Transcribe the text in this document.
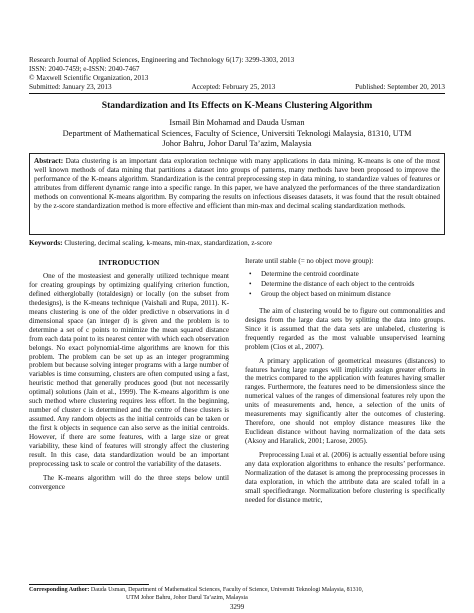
Research Journal of Applied Sciences, Engineering and Technology 6(17): 3299-3303, 2013
ISSN: 2040-7459; e-ISSN: 2040-7467
© Maxwell Scientific Organization, 2013
Submitted: January 23, 2013	Accepted: February 25, 2013	Published: September 20, 2013
Standardization and Its Effects on K-Means Clustering Algorithm
Ismail Bin Mohamad and Dauda Usman
Department of Mathematical Sciences, Faculty of Science, Universiti Teknologi Malaysia, 81310, UTM
Johor Bahru, Johor Darul Ta’azim, Malaysia
Abstract: Data clustering is an important data exploration technique with many applications in data mining. K-means is one of the most well known methods of data mining that partitions a dataset into groups of patterns, many methods have been proposed to improve the performance of the K-means algorithm. Standardization is the central preprocessing step in data mining, to standardize values of features or attributes from different dynamic range into a specific range. In this paper, we have analyzed the performances of the three standardization methods on conventional K-means algorithm. By comparing the results on infectious diseases datasets, it was found that the result obtained by the z-score standardization method is more effective and efficient than min-max and decimal scaling standardization methods.
Keywords: Clustering, decimal scaling, k-means, min-max, standardization, z-score
INTRODUCTION

One of the mosteasiest and generally utilized technique meant for creating groupings by optimizing qualifying criterion function, defined eitherglobally (totaldesign) or locally (on the subset from thedesigns), is the K-means technique (Vaishali and Rupa, 2011). K-means clustering is one of the older predictive n observations in d dimensional space (an integer d) is given and the problem is to determine a set of c points to minimize the mean squared distance from each data point to its nearest center with which each observation belongs. No exact polynomial-time algorithms are known for this problem. The problem can be set up as an integer programming problem but because solving integer programs with a large number of variables is time consuming, clusters are often computed using a fast, heuristic method that generally produces good (but not necessarily optimal) solutions (Jain et al., 1999). The K-means algorithm is one such method where clustering requires less effort. In the beginning, number of cluster c is determined and the centre of these clusters is assumed. Any random objects as the initial centroids can be taken or the first k objects in sequence can also serve as the initial centroids. However, if there are some features, with a large size or great variability, these kind of features will strongly affect the clustering result. In this case, data standardization would be an important preprocessing task to scale or control the variability of the datasets.

The K-means algorithm will do the three steps below until convergence

Iterate until stable (= no object move group):

• Determine the centroid coordinate
• Determine the distance of each object to the centroids
• Group the object based on minimum distance

The aim of clustering would be to figure out commonalities and designs from the large data sets by splitting the data into groups. Since it is assumed that the data sets are unlabeled, clustering is frequently regarded as the most valuable unsupervised learning problem (Cios et al., 2007).

A primary application of geometrical measures (distances) to features having large ranges will implicitly assign greater efforts in the metrics compared to the application with features having smaller ranges. Furthermore, the features need to be dimensionless since the numerical values of the ranges of dimensional features rely upon the units of measurements and, hence, a selection of the units of measurements may significantly alter the outcomes of clustering. Therefore, one should not employ distance measures like the Euclidean distance without having normalization of the data sets (Aksoy and Haralick, 2001; Larose, 2005).

Preprocessing Luai et al. (2006) is actually essential before using any data exploration algorithms to enhance the results’ performance. Normalization of the dataset is among the preprocessing processes in data exploration, in which the attribute data are scaled tofall in a small specifiedrange. Normalization before clustering is specifically needed for distance metric,

Corresponding Author: Dauda Usman, Department of Mathematical Sciences, Faculty of Science, Universiti Teknologi Malaysia, 81310,
UTM Johor Bahru, Johor Darul Ta’azim, Malaysia
3299
